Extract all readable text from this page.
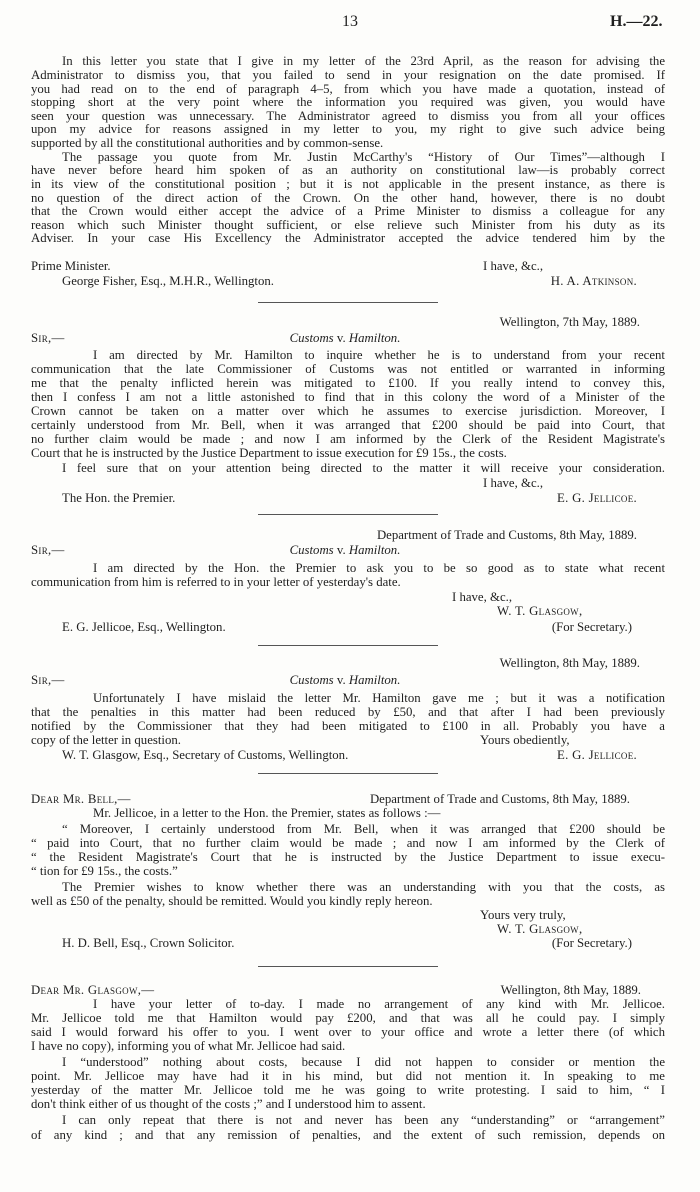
13	H.—22.
In this letter you state that I give in my letter of the 23rd April, as the reason for advising the
Administrator to dismiss you, that you failed to send in your resignation on the date promised. If
you had read on to the end of paragraph 4–5, from which you have made a quotation, instead of
stopping short at the very point where the information you required was given, you would have
seen your question was unnecessary. The Administrator agreed to dismiss you from all your offices
upon my advice for reasons assigned in my letter to you, my right to give such advice being
supported by all the constitutional authorities and by common-sense.
The passage you quote from Mr. Justin McCarthy's “History of Our Times”—although I
have never before heard him spoken of as an authority on constitutional law—is probably correct
in its view of the constitutional position ; but it is not applicable in the present instance, as there is
no question of the direct action of the Crown. On the other hand, however, there is no doubt
that the Crown would either accept the advice of a Prime Minister to dismiss a colleague for any
reason which such Minister thought sufficient, or else relieve such Minister from his duty as its
Adviser. In your case His Excellency the Administrator accepted the advice tendered him by the
Prime Minister.	I have, &c.,
George Fisher, Esq., M.H.R., Wellington.	H. A. Atkinson.
Wellington, 7th May, 1889.
Sir,—	Customs v. Hamilton.
I am directed by Mr. Hamilton to inquire whether he is to understand from your recent
communication that the late Commissioner of Customs was not entitled or warranted in informing
me that the penalty inflicted herein was mitigated to £100. If you really intend to convey this,
then I confess I am not a little astonished to find that in this colony the word of a Minister of the
Crown cannot be taken on a matter over which he assumes to exercise jurisdiction. Moreover, I
certainly understood from Mr. Bell, when it was arranged that £200 should be paid into Court, that
no further claim would be made ; and now I am informed by the Clerk of the Resident Magistrate's
Court that he is instructed by the Justice Department to issue execution for £9 15s., the costs.
I feel sure that on your attention being directed to the matter it will receive your consideration.
I have, &c.,
The Hon. the Premier.	E. G. Jellicoe.
Department of Trade and Customs, 8th May, 1889.
Sir,—	Customs v. Hamilton.
I am directed by the Hon. the Premier to ask you to be so good as to state what recent
communication from him is referred to in your letter of yesterday's date.
I have, &c.,
W. T. Glasgow,
E. G. Jellicoe, Esq., Wellington.	(For Secretary.)
Wellington, 8th May, 1889.
Sir,—	Customs v. Hamilton.
Unfortunately I have mislaid the letter Mr. Hamilton gave me ; but it was a notification
that the penalties in this matter had been reduced by £50, and that after I had been previously
notified by the Commissioner that they had been mitigated to £100 in all. Probably you have a
copy of the letter in question.	Yours obediently,
W. T. Glasgow, Esq., Secretary of Customs, Wellington.	E. G. Jellicoe.
Dear Mr. Bell,—	Department of Trade and Customs, 8th May, 1889.
Mr. Jellicoe, in a letter to the Hon. the Premier, states as follows :—
“ Moreover, I certainly understood from Mr. Bell, when it was arranged that £200 should be
“ paid into Court, that no further claim would be made ; and now I am informed by the Clerk of
“ the Resident Magistrate's Court that he is instructed by the Justice Department to issue execu-
“ tion for £9 15s., the costs.”
The Premier wishes to know whether there was an understanding with you that the costs, as
well as £50 of the penalty, should be remitted. Would you kindly reply hereon.
Yours very truly,
W. T. Glasgow,
H. D. Bell, Esq., Crown Solicitor.	(For Secretary.)
Dear Mr. Glasgow,—	Wellington, 8th May, 1889.
I have your letter of to-day. I made no arrangement of any kind with Mr. Jellicoe.
Mr. Jellicoe told me that Hamilton would pay £200, and that was all he could pay. I simply
said I would forward his offer to you. I went over to your office and wrote a letter there (of which
I have no copy), informing you of what Mr. Jellicoe had said.
I “understood” nothing about costs, because I did not happen to consider or mention the
point. Mr. Jellicoe may have had it in his mind, but did not mention it. In speaking to me
yesterday of the matter Mr. Jellicoe told me he was going to write protesting. I said to him, “ I
don't think either of us thought of the costs ;” and I understood him to assent.
I can only repeat that there is not and never has been any “understanding” or “arrangement”
of any kind ; and that any remission of penalties, and the extent of such remission, depends on
